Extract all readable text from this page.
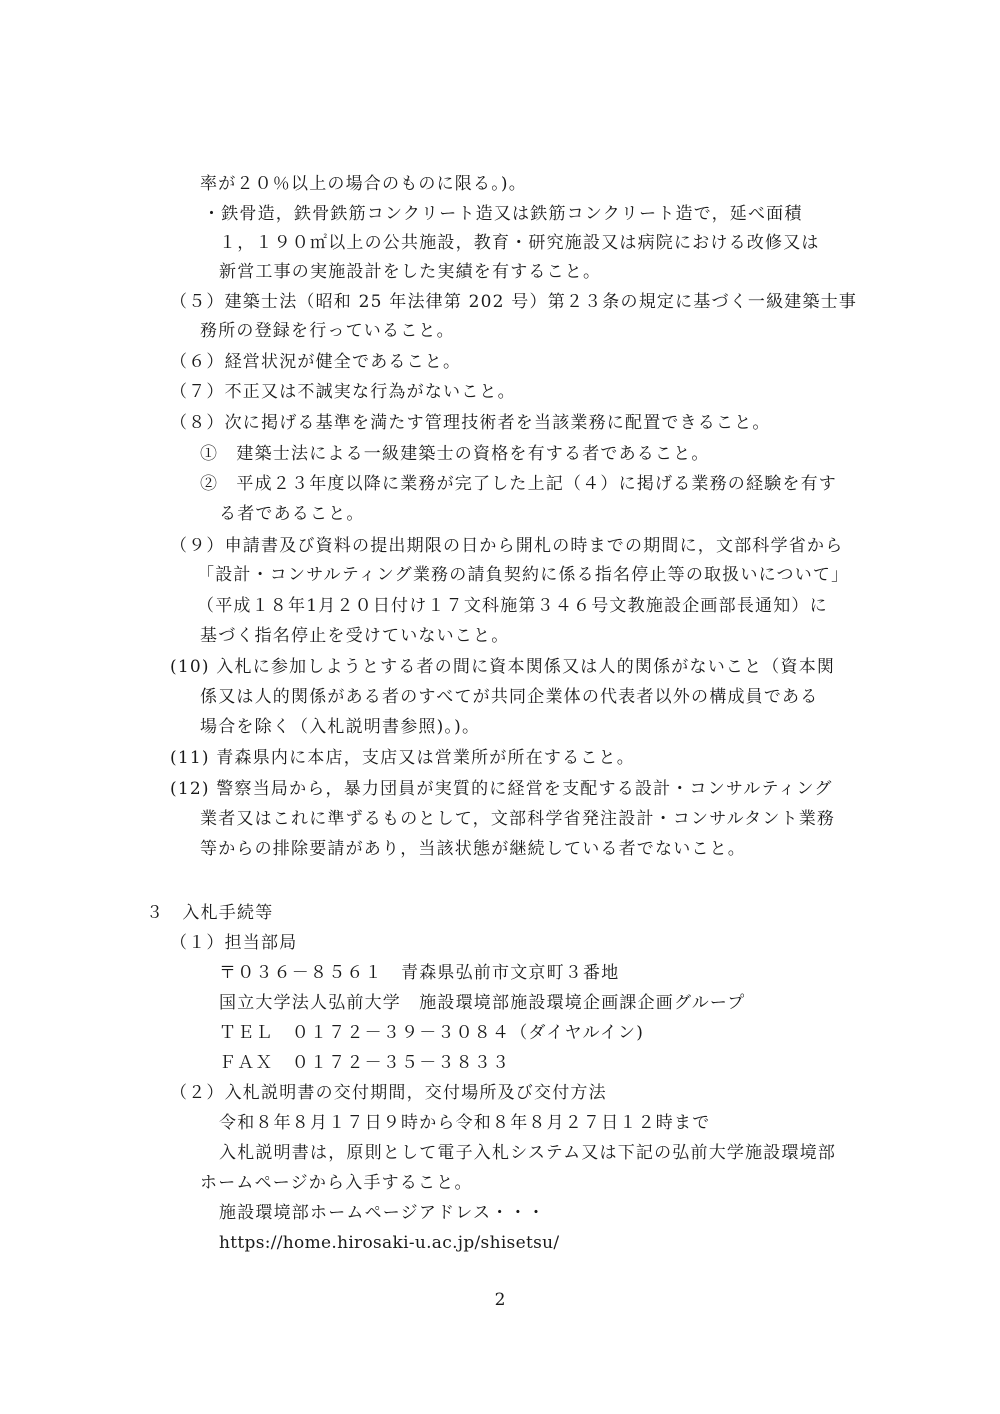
率が２０％以上の場合のものに限る。)。
・鉄骨造，鉄骨鉄筋コンクリート造又は鉄筋コンクリート造で，延べ面積
１，１９０㎡以上の公共施設，教育・研究施設又は病院における改修又は
新営工事の実施設計をした実績を有すること。
（５）建築士法（昭和 25 年法律第 202 号）第２３条の規定に基づく一級建築士事
務所の登録を行っていること。
（６）経営状況が健全であること。
（７）不正又は不誠実な行為がないこと。
（８）次に掲げる基準を満たす管理技術者を当該業務に配置できること。
①　建築士法による一級建築士の資格を有する者であること。
②　平成２３年度以降に業務が完了した上記（４）に掲げる業務の経験を有す
る者であること。
（９）申請書及び資料の提出期限の日から開札の時までの期間に，文部科学省から
「設計・コンサルティング業務の請負契約に係る指名停止等の取扱いについて」
（平成１８年1月２０日付け１７文科施第３４６号文教施設企画部長通知）に
基づく指名停止を受けていないこと。
(10) 入札に参加しようとする者の間に資本関係又は人的関係がないこと（資本関
係又は人的関係がある者のすべてが共同企業体の代表者以外の構成員である
場合を除く（入札説明書参照)。)。
(11) 青森県内に本店，支店又は営業所が所在すること。
(12) 警察当局から，暴力団員が実質的に経営を支配する設計・コンサルティング
業者又はこれに準ずるものとして，文部科学省発注設計・コンサルタント業務
等からの排除要請があり，当該状態が継続している者でないこと。
３　入札手続等
（１）担当部局
〒０３６－８５６１　青森県弘前市文京町３番地
国立大学法人弘前大学　施設環境部施設環境企画課企画グループ
ＴＥＬ　０１７２－３９－３０８４（ダイヤルイン)
ＦＡＸ　０１７２－３５－３８３３
（２）入札説明書の交付期間，交付場所及び交付方法
令和８年８月１７日９時から令和８年８月２７日１２時まで
入札説明書は，原則として電子入札システム又は下記の弘前大学施設環境部
ホームページから入手すること。
施設環境部ホームページアドレス・・・
https://home.hirosaki-u.ac.jp/shisetsu/
2
